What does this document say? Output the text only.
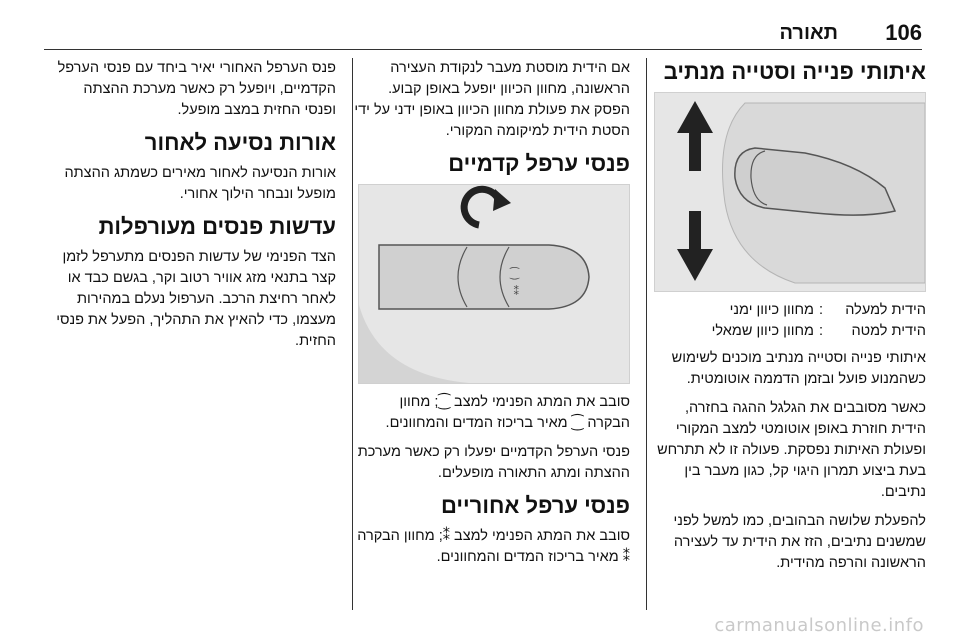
106
תאורה
איתותי פנייה וסטייה מנתיב
הידית למעלה
:
מחוון כיוון ימני
הידית למטה
:
מחוון כיוון שמאלי

איתותי פנייה וסטייה מנתיב מוכנים לשימוש כשהמנוע פועל ובזמן הדממה אוטומטית.

כאשר מסובבים את הגלגל ההגה בחזרה, הידית חוזרת באופן אוטומטי למצב המקורי ופעולת האיתות נפסקת. פעולה זו לא תתרחש בעת ביצוע תמרון היגוי קל, כגון מעבר בין נתיבים.

להפעלת שלושה הבהובים, כמו למשל לפני שמשנים נתיבים, הזז את הידית עד לעצירה הראשונה והרפה מהידית.

אם הידית מוסטת מעבר לנקודת העצירה הראשונה, מחוון הכיוון יופעל באופן קבוע. הפסק את פעולת מחוון הכיוון באופן ידני על ידי הסטת הידית למיקומה המקורי.

פנסי ערפל קדמיים
⁐
⁑

סובב את המתג הפנימי למצב ⁐; מחוון הבקרה ⁐ מאיר בריכוז המדים והמחוונים.

פנסי הערפל הקדמיים יפעלו רק כאשר מערכת ההצתה ומתג התאורה מופעלים.

פנסי ערפל אחוריים

סובב את המתג הפנימי למצב ⁑; מחוון הבקרה ⁑ מאיר בריכוז המדים והמחוונים.

פנס הערפל האחורי יאיר ביחד עם פנסי הערפל הקדמיים, ויופעל רק כאשר מערכת ההצתה ופנסי החזית במצב מופעל.

אורות נסיעה לאחור

אורות הנסיעה לאחור מאירים כשמתג ההצתה מופעל ונבחר הילוך אחורי.

עדשות פנסים מעורפלות

הצד הפנימי של עדשות הפנסים מתערפל לזמן קצר בתנאי מזג אוויר רטוב וקר, בגשם כבד או לאחר רחיצת הרכב. הערפול נעלם במהירות מעצמו, כדי להאיץ את התהליך, הפעל את פנסי החזית.

carmanualsonline.info
